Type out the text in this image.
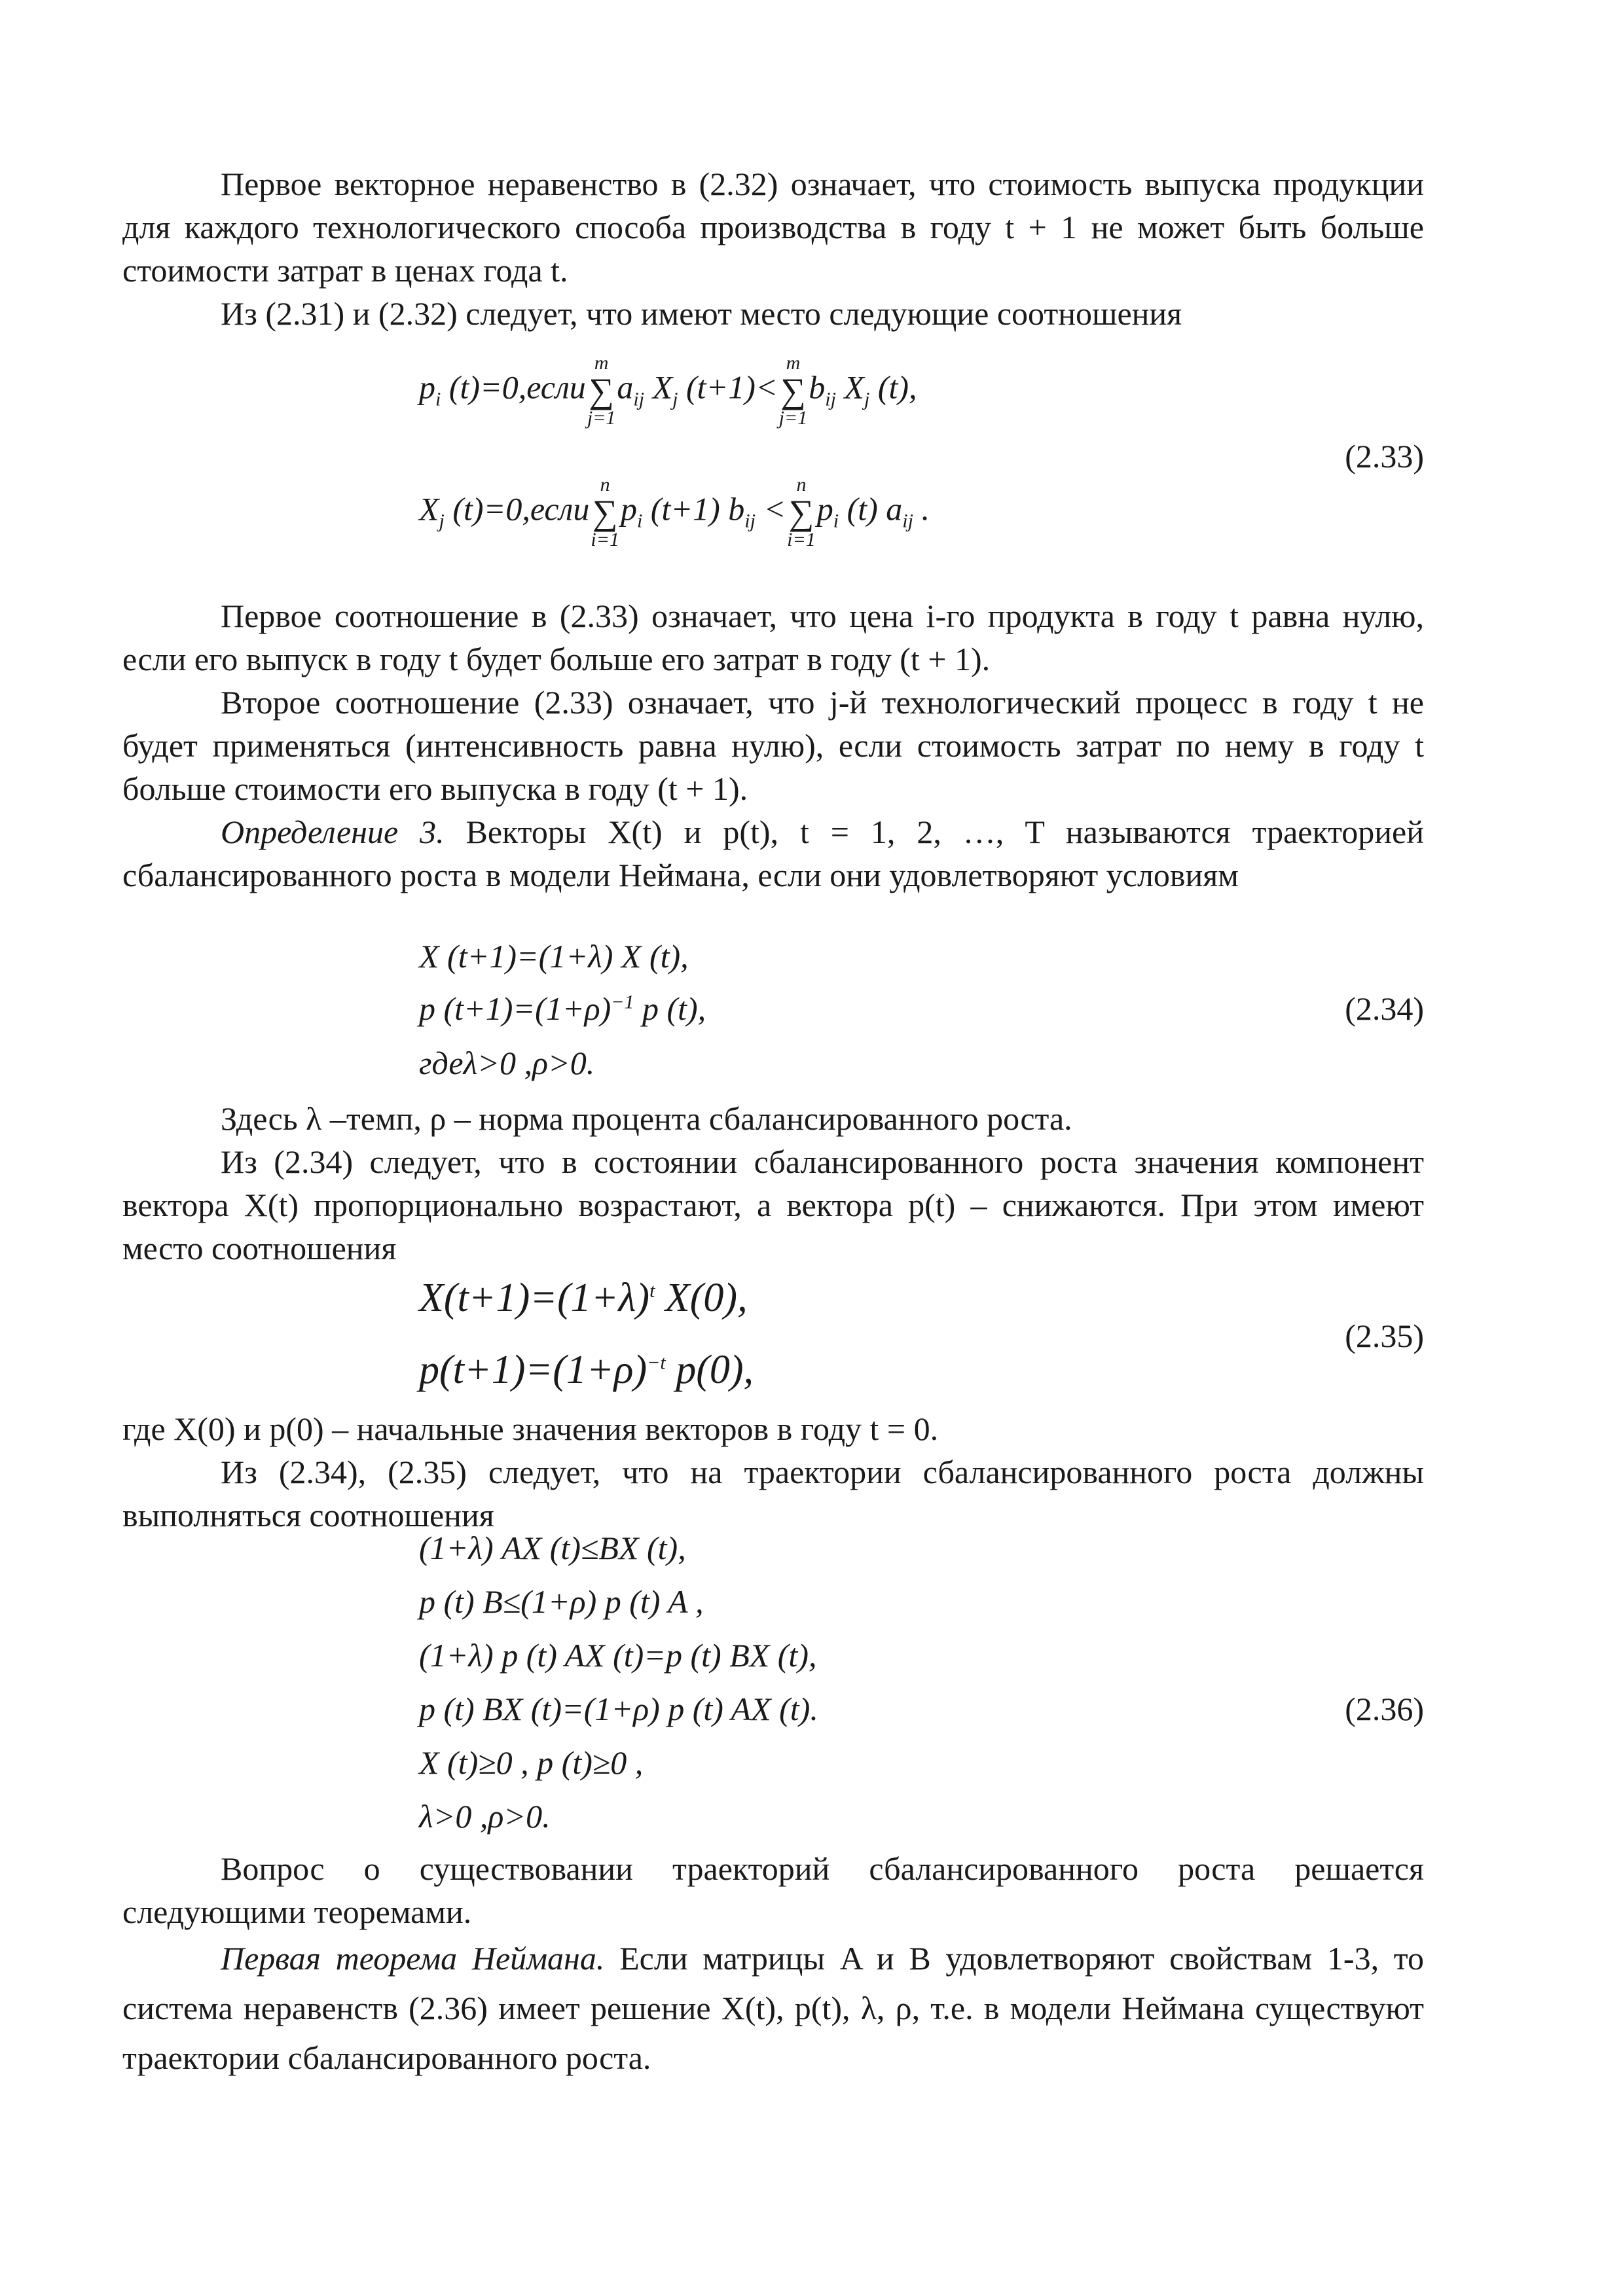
Первое векторное неравенство в (2.32) означает, что стоимость выпуска продукции для каждого технологического способа производства в году t + 1 не может быть больше стоимости затрат в ценах года t.

Из (2.31) и (2.32) следует, что имеют место следующие соотношения

$p_i$ (t)=0,если
m
∑
j=1
$a_{ij}$ $X_j$ (t+1)<
m
∑
j=1
$b_{ij}$ $X_j$ (t),
(2.33)
$X_j$ (t)=0,если
n
∑
i=1
$p_i$ (t+1) $b_{ij}$ <
n
∑
i=1
$p_i$ (t) $a_{ij}$ .

Первое соотношение в (2.33) означает, что цена i-го продукта в году t равна нулю, если его выпуск в году t будет больше его затрат в году (t + 1).

Второе соотношение (2.33) означает, что j-й технологический процесс в году t не будет применяться (интенсивность равна нулю), если стоимость затрат по нему в году t больше стоимости его выпуска в году (t + 1).

Определение 3. Векторы X(t) и p(t), t = 1, 2, …, T называются траекторией сбалансированного роста в модели Неймана, если они удовлетворяют условиям

X (t+1)=(1+λ) X (t),
p $(t+1)=(1+\rho)^{-1}$ p (t),	(2.34)
гдеλ>0 ,ρ>0.

Здесь λ –темп, ρ – норма процента сбалансированного роста.

Из (2.34) следует, что в состоянии сбалансированного роста значения компонент вектора X(t) пропорционально возрастают, а вектора p(t) – снижаются. При этом имеют место соотношения

$X(t+1)=(1+\lambda)^t$ X(0),
(2.35)
$p(t+1)=(1+\rho)^{-t}$ p(0),

где X(0) и p(0) – начальные значения векторов в году t = 0.

Из (2.34), (2.35) следует, что на траектории сбалансированного роста должны выполняться соотношения

(1+λ) AX (t)≤BX (t),
p (t) B≤(1+ρ) p (t) A ,
(1+λ) p (t) AX (t)=p (t) BX (t),
p (t) BX (t)=(1+ρ) p (t) AX (t).	(2.36)
X (t)≥0 , p (t)≥0 ,
λ>0 ,ρ>0.

Вопрос о существовании траекторий сбалансированного роста решается следующими теоремами.

Первая теорема Неймана. Если матрицы A и B удовлетворяют свойствам 1-3, то система неравенств (2.36) имеет решение X(t), p(t), λ, ρ, т.е. в модели Неймана существуют траектории сбалансированного роста.
